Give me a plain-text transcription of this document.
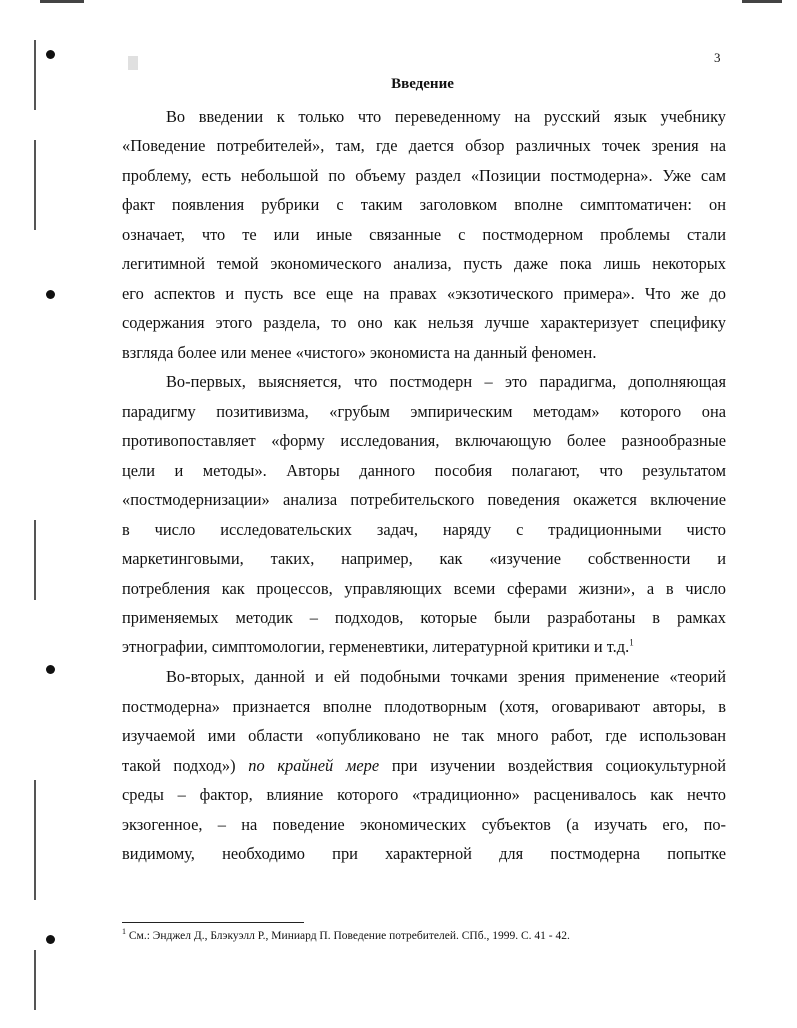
3
Введение
Во введении к только что переведенному на русский язык учебнику
«Поведение потребителей», там, где дается обзор различных точек зрения на
проблему, есть небольшой по объему раздел «Позиции постмодерна». Уже сам
факт появления рубрики с таким заголовком вполне симптоматичен: он
означает, что те или иные связанные с постмодерном проблемы стали
легитимной темой экономического анализа, пусть даже пока лишь некоторых
его аспектов и пусть все еще на правах «экзотического примера». Что же до
содержания этого раздела, то оно как нельзя лучше характеризует специфику
взгляда более или менее «чистого» экономиста на данный феномен.
Во-первых, выясняется, что постмодерн – это парадигма, дополняющая
парадигму позитивизма, «грубым эмпирическим методам» которого она
противопоставляет «форму исследования, включающую более разнообразные
цели и методы». Авторы данного пособия полагают, что результатом
«постмодернизации» анализа потребительского поведения окажется включение
в число исследовательских задач, наряду с традиционными чисто
маркетинговыми, таких, например, как «изучение собственности и
потребления как процессов, управляющих всеми сферами жизни», а в число
применяемых методик – подходов, которые были разработаны в рамках
этнографии, симптомологии, герменевтики, литературной критики и т.д.$^1$
Во-вторых, данной и ей подобными точками зрения применение «теорий
постмодерна» признается вполне плодотворным (хотя, оговаривают авторы, в
изучаемой ими области «опубликовано не так много работ, где использован
такой подход») по крайней мере при изучении воздействия социокультурной
среды – фактор, влияние которого «традиционно» расценивалось как нечто
экзогенное, – на поведение экономических субъектов (а изучать его, по-
видимому, необходимо при характерной для постмодерна попытке
$^1$ См.: Энджел Д., Блэкуэлл Р., Миниард П. Поведение потребителей. СПб., 1999. С. 41 - 42.
